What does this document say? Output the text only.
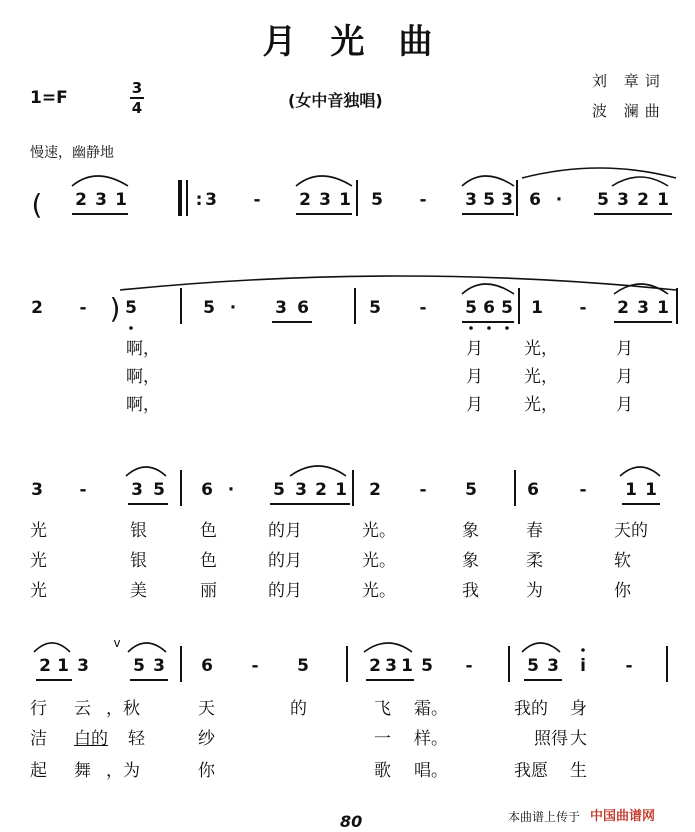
月光曲
1=F	3
4	(女中音独唱)
刘 章词
波 澜曲
慢速，幽静地
( 2 3 1	: 3	-	2 3 1 5	-	3 5 3 6 ·	5 3 2 1
2	- ) 5	5 ·	3 6	5	-	5 6 5 1	-	2 3 1
啊，	月 光，	月
啊，	月 光，	月
啊，	月 光，	月
3	-	3 5 6 ·	5 3 2 1 2	-	5	6	-	1 1
光	银	色	的月	光。	象	春	天的
光	银	色	的月	光。	象	柔	软
光	美	丽	的月	光。	我	为	你
2 1 3
v
5 3 6	-	5	2 3 1 5	-	5 3	i	-
行 云 ，秋	天	的	飞 霜。	我的 身
洁 白的 轻	纱	一 样。	照得 大
起 舞 ，为	你	歌 唱。	我愿 生
80	本曲谱上传于 中国曲谱网
